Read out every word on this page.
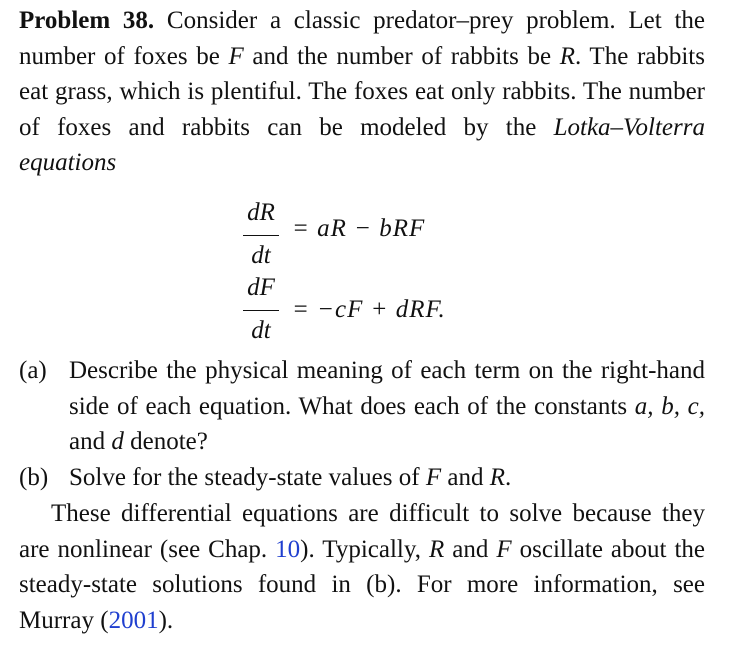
Problem 38. Consider a classic predator–prey problem. Let the number of foxes be F and the number of rabbits be R. The rabbits eat grass, which is plentiful. The foxes eat only rabbits. The number of foxes and rabbits can be modeled by the Lotka–Volterra equations
dR
dt
= aR − bRF
dF
dt
= −cF + dRF.
(a) Describe the physical meaning of each term on the right-hand side of each equation. What does each of the constants a, b, c, and d denote?
(b) Solve for the steady-state values of F and R.
These differential equations are difficult to solve because they are nonlinear (see Chap. 10). Typically, R and F oscillate about the steady-state solutions found in (b). For more information, see Murray (2001).
